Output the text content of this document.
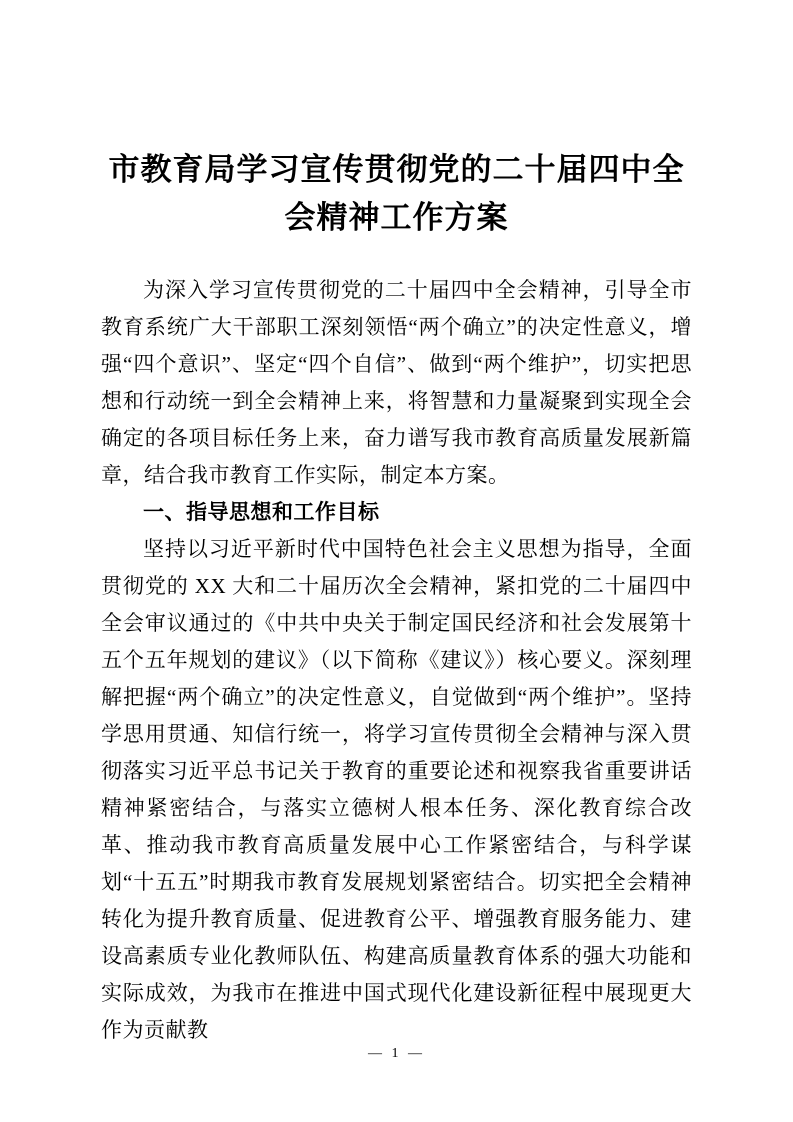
市教育局学习宣传贯彻党的二十届四中全会精神工作方案

为深入学习宣传贯彻党的二十届四中全会精神，引导全市教育系统广大干部职工深刻领悟“两个确立”的决定性意义，增强“四个意识”、坚定“四个自信”、做到“两个维护”，切实把思想和行动统一到全会精神上来，将智慧和力量凝聚到实现全会确定的各项目标任务上来，奋力谱写我市教育高质量发展新篇章，结合我市教育工作实际，制定本方案。

一、指导思想和工作目标

坚持以习近平新时代中国特色社会主义思想为指导，全面贯彻党的 XX 大和二十届历次全会精神，紧扣党的二十届四中全会审议通过的《中共中央关于制定国民经济和社会发展第十五个五年规划的建议》（以下简称《建议》）核心要义。深刻理解把握“两个确立”的决定性意义，自觉做到“两个维护”。坚持学思用贯通、知信行统一，将学习宣传贯彻全会精神与深入贯彻落实习近平总书记关于教育的重要论述和视察我省重要讲话精神紧密结合，与落实立德树人根本任务、深化教育综合改革、推动我市教育高质量发展中心工作紧密结合，与科学谋划“十五五”时期我市教育发展规划紧密结合。切实把全会精神转化为提升教育质量、促进教育公平、增强教育服务能力、建设高素质专业化教师队伍、构建高质量教育体系的强大功能和实际成效，为我市在推进中国式现代化建设新征程中展现更大作为贡献教

— 1 —
